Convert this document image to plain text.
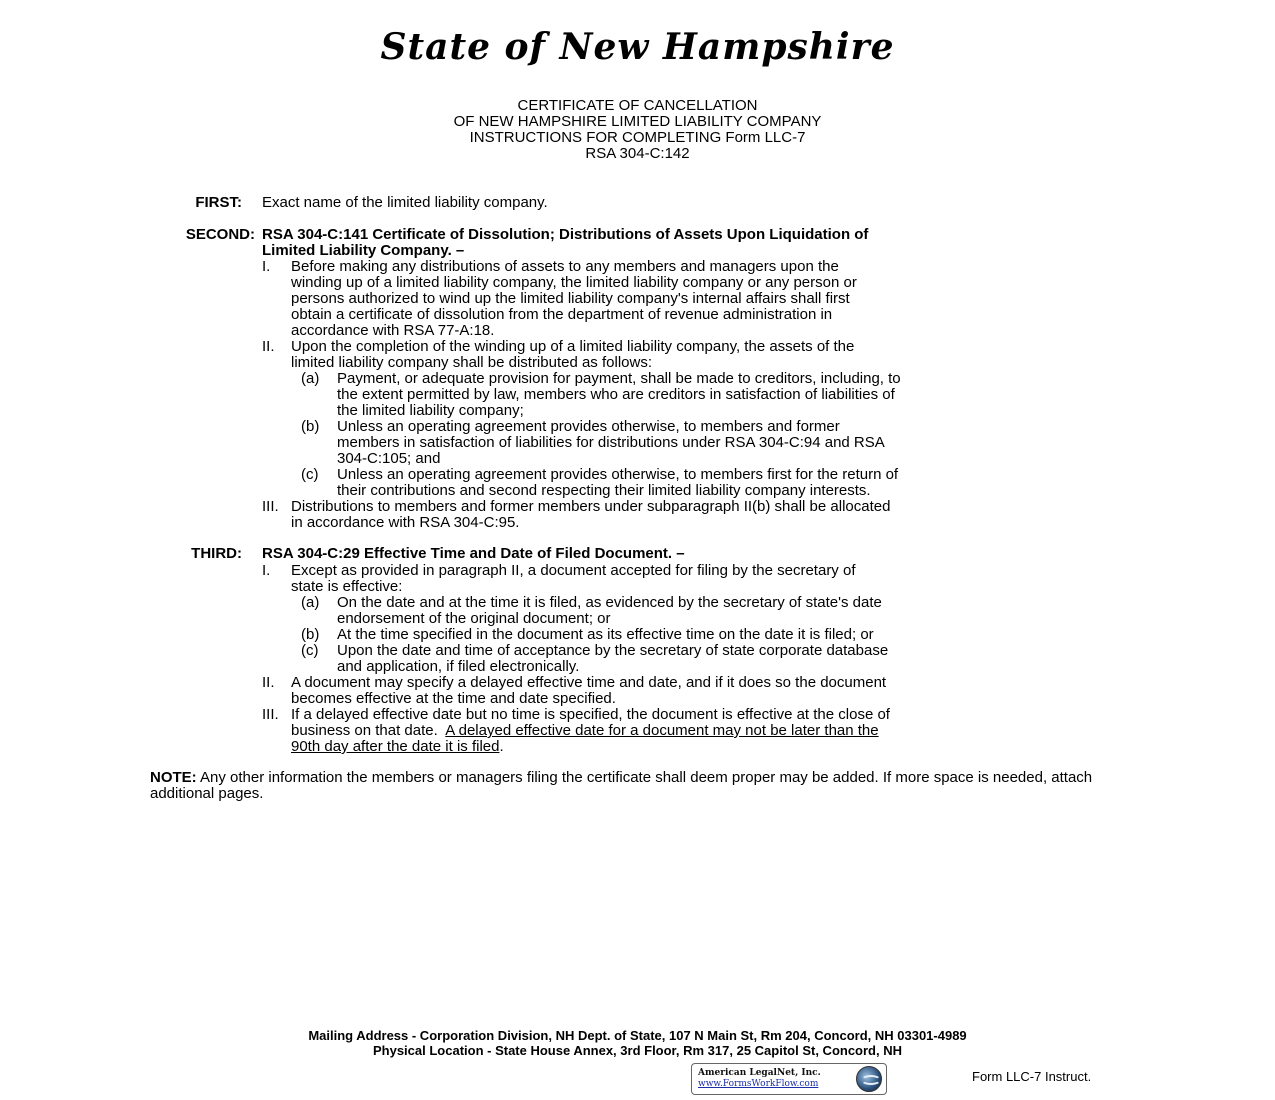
State of New Hampshire
CERTIFICATE OF CANCELLATION
OF NEW HAMPSHIRE LIMITED LIABILITY COMPANY
INSTRUCTIONS FOR COMPLETING Form LLC-7
RSA 304-C:142
FIRST: Exact name of the limited liability company.
SECOND: RSA 304-C:141 Certificate of Dissolution; Distributions of Assets Upon Liquidation of
Limited Liability Company. –
I. Before making any distributions of assets to any members and managers upon the
winding up of a limited liability company, the limited liability company or any person or
persons authorized to wind up the limited liability company's internal affairs shall first
obtain a certificate of dissolution from the department of revenue administration in
accordance with RSA 77-A:18.
II. Upon the completion of the winding up of a limited liability company, the assets of the
limited liability company shall be distributed as follows:
(a) Payment, or adequate provision for payment, shall be made to creditors, including, to
the extent permitted by law, members who are creditors in satisfaction of liabilities of
the limited liability company;
(b) Unless an operating agreement provides otherwise, to members and former
members in satisfaction of liabilities for distributions under RSA 304-C:94 and RSA
304-C:105; and
(c) Unless an operating agreement provides otherwise, to members first for the return of
their contributions and second respecting their limited liability company interests.
III. Distributions to members and former members under subparagraph II(b) shall be allocated
in accordance with RSA 304-C:95.
THIRD: RSA 304-C:29 Effective Time and Date of Filed Document. –
I. Except as provided in paragraph II, a document accepted for filing by the secretary of
state is effective:
(a) On the date and at the time it is filed, as evidenced by the secretary of state's date
endorsement of the original document; or
(b) At the time specified in the document as its effective time on the date it is filed; or
(c) Upon the date and time of acceptance by the secretary of state corporate database
and application, if filed electronically.
II. A document may specify a delayed effective time and date, and if it does so the document
becomes effective at the time and date specified.
III. If a delayed effective date but no time is specified, the document is effective at the close of
business on that date.  A delayed effective date for a document may not be later than the
90th day after the date it is filed.
NOTE: Any other information the members or managers filing the certificate shall deem proper may be added. If more space is needed, attach additional pages.
Mailing Address - Corporation Division, NH Dept. of State, 107 N Main St, Rm 204, Concord, NH 03301-4989
Physical Location - State House Annex, 3rd Floor, Rm 317, 25 Capitol St, Concord, NH
American LegalNet, Inc.
www.FormsWorkFlow.com	Form LLC-7 Instruct.
